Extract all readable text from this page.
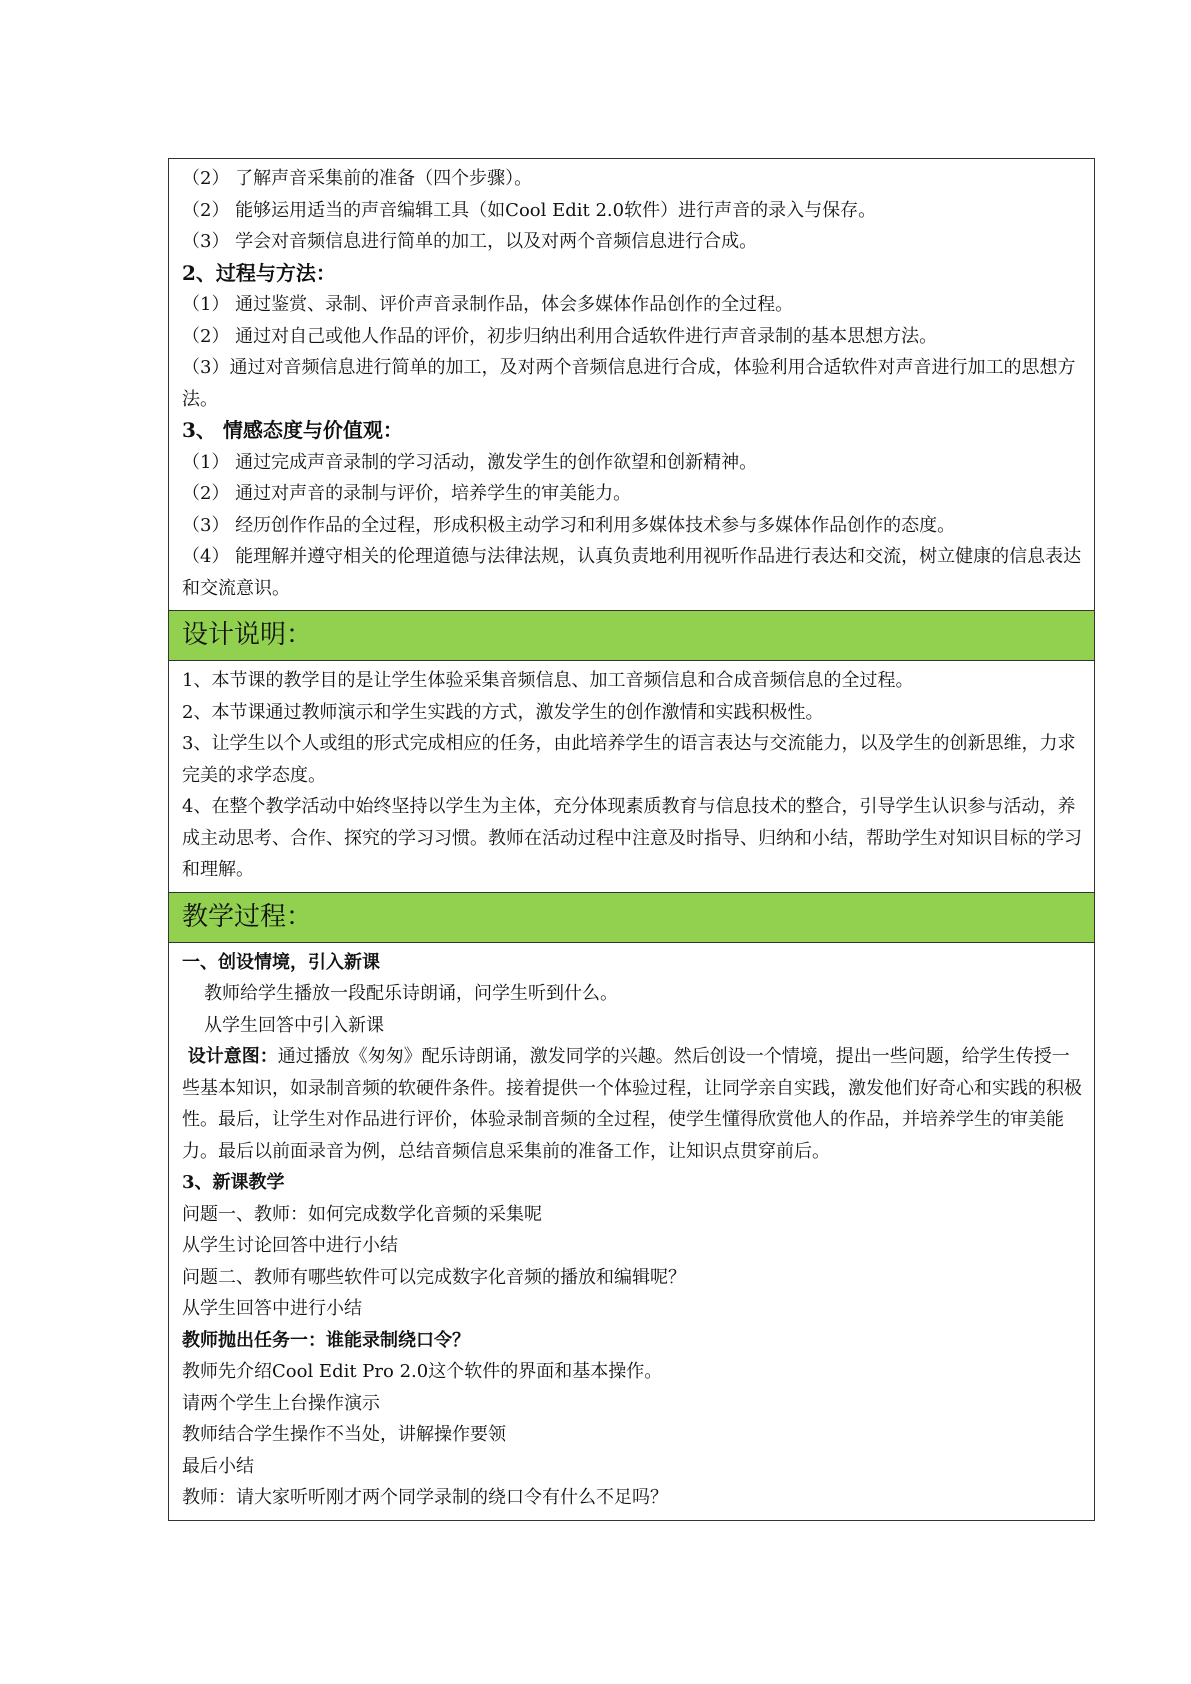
（2） 了解声音采集前的准备（四个步骤）。
（2） 能够运用适当的声音编辑工具（如Cool Edit 2.0软件）进行声音的录入与保存。
（3） 学会对音频信息进行简单的加工，以及对两个音频信息进行合成。
2、过程与方法：
（1） 通过鉴赏、录制、评价声音录制作品，体会多媒体作品创作的全过程。
（2） 通过对自己或他人作品的评价，初步归纳出利用合适软件进行声音录制的基本思想方法。
（3）通过对音频信息进行简单的加工，及对两个音频信息进行合成，体验利用合适软件对声音进行加工的思想方法。
3、 情感态度与价值观：
（1） 通过完成声音录制的学习活动，激发学生的创作欲望和创新精神。
（2） 通过对声音的录制与评价，培养学生的审美能力。
（3） 经历创作作品的全过程，形成积极主动学习和利用多媒体技术参与多媒体作品创作的态度。
（4） 能理解并遵守相关的伦理道德与法律法规，认真负责地利用视听作品进行表达和交流，树立健康的信息表达和交流意识。
设计说明：
1、本节课的教学目的是让学生体验采集音频信息、加工音频信息和合成音频信息的全过程。
2、本节课通过教师演示和学生实践的方式，激发学生的创作激情和实践积极性。
3、让学生以个人或组的形式完成相应的任务，由此培养学生的语言表达与交流能力，以及学生的创新思维，力求完美的求学态度。
4、在整个教学活动中始终坚持以学生为主体，充分体现素质教育与信息技术的整合，引导学生认识参与活动，养成主动思考、合作、探究的学习习惯。教师在活动过程中注意及时指导、归纳和小结，帮助学生对知识目标的学习和理解。
教学过程：
一、创设情境，引入新课
教师给学生播放一段配乐诗朗诵，问学生听到什么。
从学生回答中引入新课
设计意图：通过播放《匆匆》配乐诗朗诵，激发同学的兴趣。然后创设一个情境，提出一些问题，给学生传授一些基本知识，如录制音频的软硬件条件。接着提供一个体验过程，让同学亲自实践，激发他们好奇心和实践的积极性。最后，让学生对作品进行评价，体验录制音频的全过程，使学生懂得欣赏他人的作品，并培养学生的审美能力。最后以前面录音为例，总结音频信息采集前的准备工作，让知识点贯穿前后。
3、新课教学
问题一、教师：如何完成数学化音频的采集呢
从学生讨论回答中进行小结
问题二、教师有哪些软件可以完成数字化音频的播放和编辑呢？
从学生回答中进行小结
教师抛出任务一：谁能录制绕口令？
教师先介绍Cool Edit Pro 2.0这个软件的界面和基本操作。
请两个学生上台操作演示
教师结合学生操作不当处，讲解操作要领
最后小结
教师：请大家听听刚才两个同学录制的绕口令有什么不足吗？
